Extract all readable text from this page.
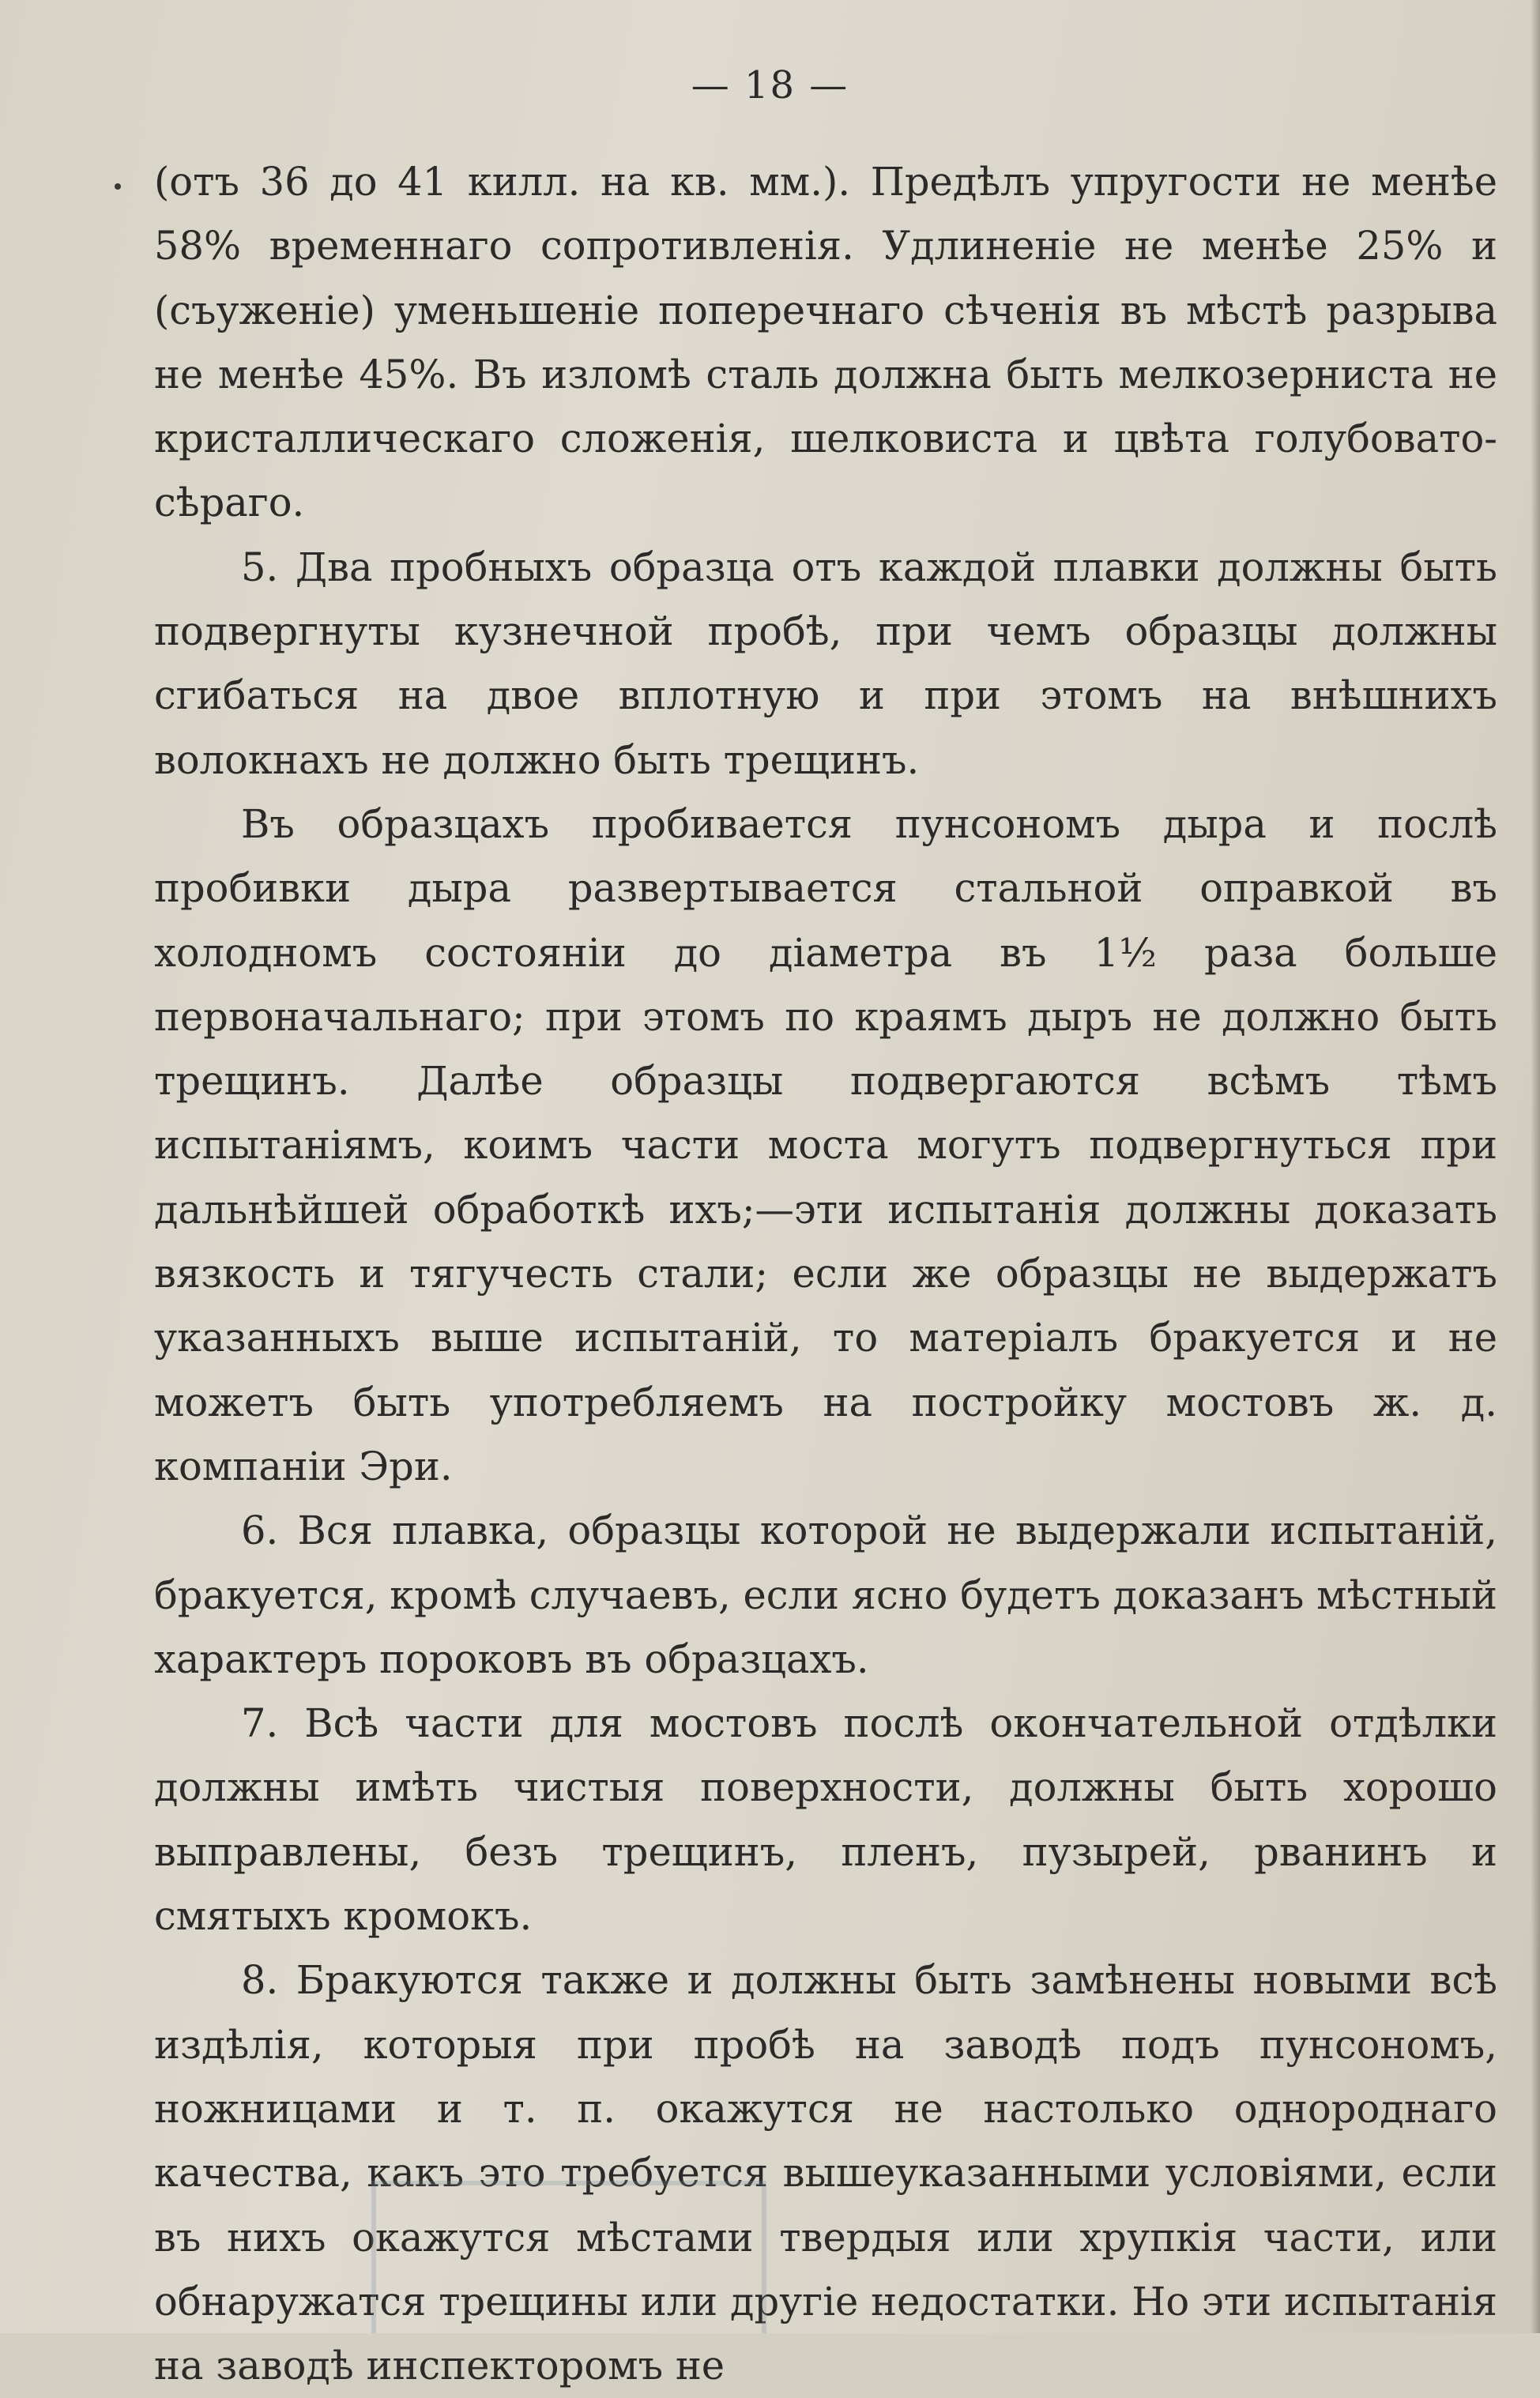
— 18 —

(отъ 36 до 41 килл. на кв. мм.). Предѣлъ упругости не менѣе 58% временнаго сопротивленія. Удлиненіе не менѣе 25% и (съуженіе) уменьшеніе поперечнаго сѣченія въ мѣстѣ разрыва не менѣе 45%. Въ изломѣ сталь должна быть мелкозерниста не кристаллическаго сложенія, шелковиста и цвѣта голубовато-сѣраго.

5. Два пробныхъ образца отъ каждой плавки должны быть подвергнуты кузнечной пробѣ, при чемъ образцы должны сгибаться на двое вплотную и при этомъ на внѣшнихъ волокнахъ не должно быть трещинъ.

Въ образцахъ пробивается пунсономъ дыра и послѣ пробивки дыра развертывается стальной оправкой въ холодномъ состояніи до діаметра въ 1½ раза больше первоначальнаго; при этомъ по краямъ дыръ не должно быть трещинъ. Далѣе образцы подвергаются всѣмъ тѣмъ испытаніямъ, коимъ части моста могутъ подвергнуться при дальнѣйшей обработкѣ ихъ;—эти испытанія должны доказать вязкость и тягучесть стали; если же образцы не выдержатъ указанныхъ выше испытаній, то матеріалъ бракуется и не можетъ быть употребляемъ на постройку мостовъ ж. д. компаніи Эри.

6. Вся плавка, образцы которой не выдержали испытаній, бракуется, кромѣ случаевъ, если ясно будетъ доказанъ мѣстный характеръ пороковъ въ образцахъ.

7. Всѣ части для мостовъ послѣ окончательной отдѣлки должны имѣть чистыя поверхности, должны быть хорошо выправлены, безъ трещинъ, пленъ, пузырей, рванинъ и смятыхъ кромокъ.

8. Бракуются также и должны быть замѣнены новыми всѣ издѣлія, которыя при пробѣ на заводѣ подъ пунсономъ, ножницами и т. п. окажутся не настолько однороднаго качества, какъ это требуется вышеуказанными условіями, если въ нихъ окажутся мѣстами твердыя или хрупкія части, или обнаружатся трещины или другіе недостатки. Но эти испытанія на заводѣ инспекторомъ не
